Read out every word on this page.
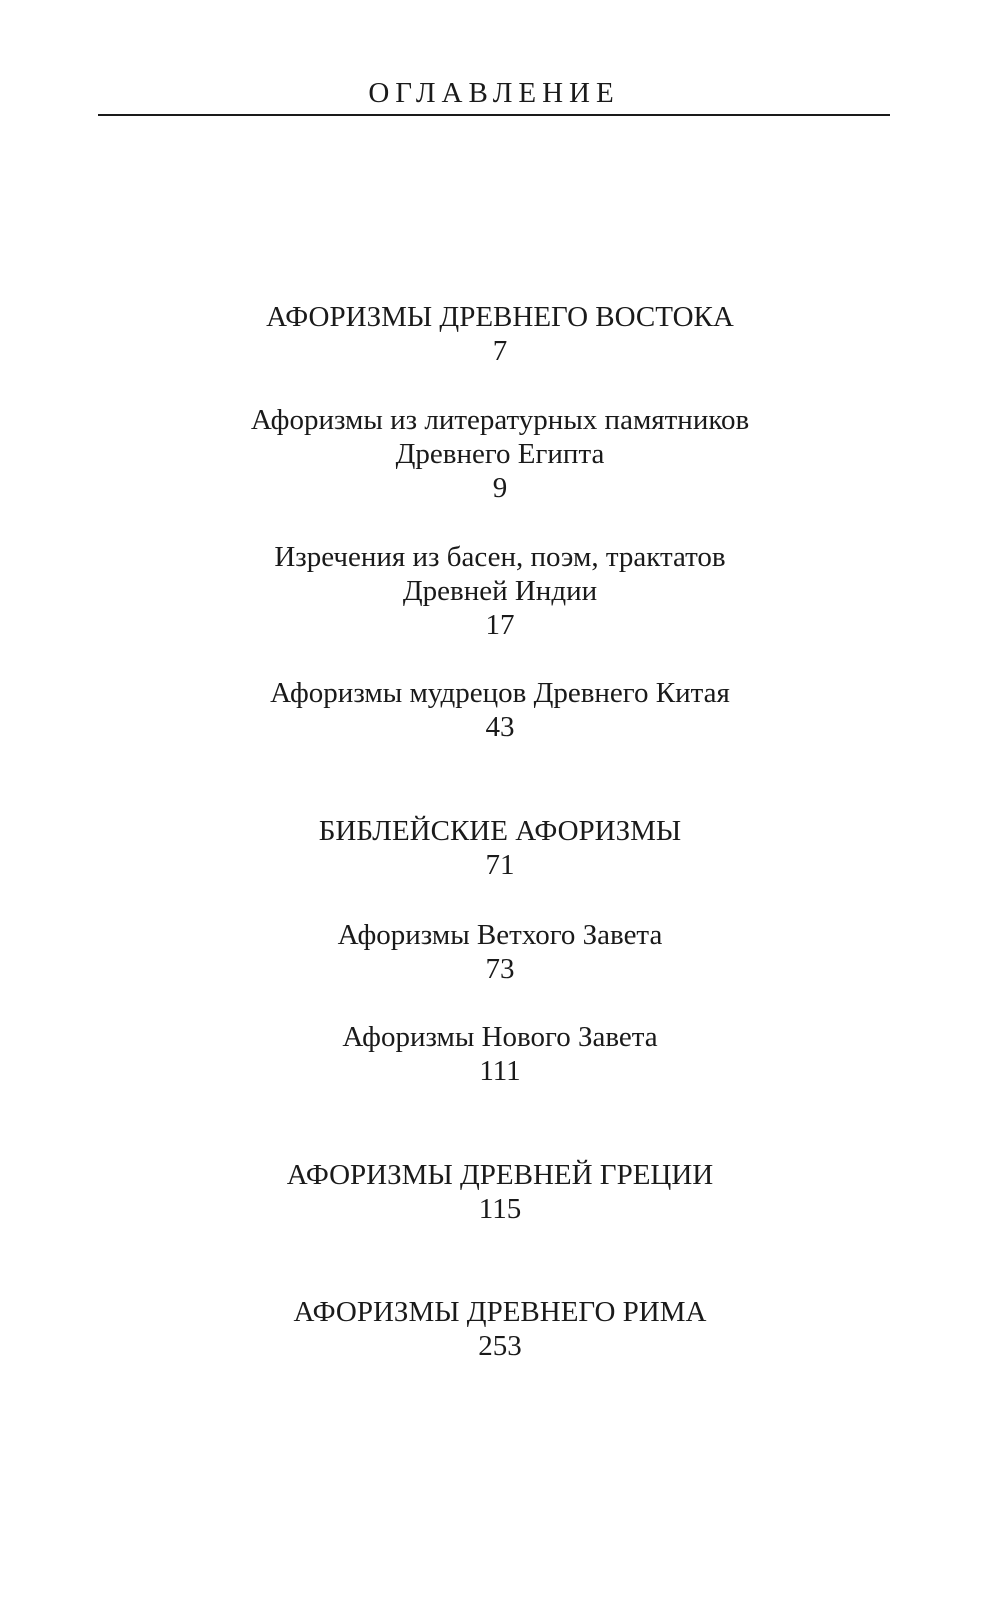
ОГЛАВЛЕНИЕ
АФОРИЗМЫ ДРЕВНЕГО ВОСТОКА
7
Афоризмы из литературных памятников
Древнего Египта
9
Изречения из басен, поэм, трактатов
Древней Индии
17
Афоризмы мудрецов Древнего Китая
43
БИБЛЕЙСКИЕ АФОРИЗМЫ
71
Афоризмы Ветхого Завета
73
Афоризмы Нового Завета
111
АФОРИЗМЫ ДРЕВНЕЙ ГРЕЦИИ
115
АФОРИЗМЫ ДРЕВНЕГО РИМА
253
